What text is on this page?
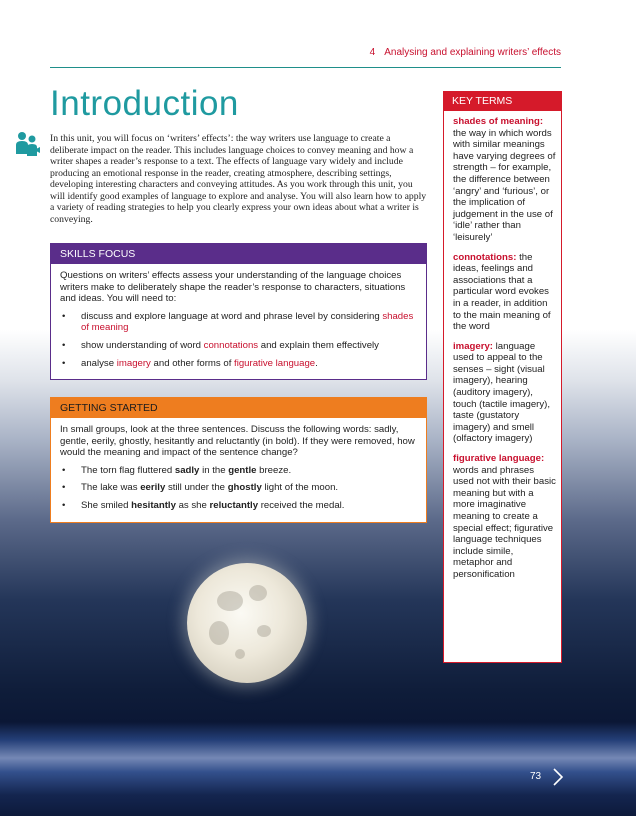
4 Analysing and explaining writers’ effects
Introduction

In this unit, you will focus on ‘writers’ effects’: the way writers use language to create a deliberate impact on the reader. This includes language choices to convey meaning and how a writer shapes a reader’s response to a text. The effects of language vary widely and include producing an emotional response in the reader, creating atmosphere, describing settings, developing interesting characters and conveying attitudes. As you work through this unit, you will identify good examples of language to explore and analyse. You will also learn how to apply a variety of reading strategies to help you clearly express your own ideas about what a writer is conveying.

SKILLS FOCUS

Questions on writers’ effects assess your understanding of the language choices writers make to deliberately shape the reader’s response to characters, situations and ideas. You will need to:

• discuss and explore language at word and phrase level by considering shades of meaning
• show understanding of word connotations and explain them effectively
• analyse imagery and other forms of figurative language.
GETTING STARTED

In small groups, look at the three sentences. Discuss the following words: sadly, gentle, eerily, ghostly, hesitantly and reluctantly (in bold). If they were removed, how would the meaning and impact of the sentence change?

• The torn flag fluttered sadly in the gentle breeze.
• The lake was eerily still under the ghostly light of the moon.
• She smiled hesitantly as she reluctantly received the medal.
KEY TERMS
shades of meaning: the way in which words with similar meanings have varying degrees of strength – for example, the difference between ‘angry’ and ‘furious’, or the implication of judgement in the use of ‘idle’ rather than ‘leisurely’
connotations: the ideas, feelings and associations that a particular word evokes in a reader, in addition to the main meaning of the word
imagery: language used to appeal to the senses – sight (visual imagery), hearing (auditory imagery), touch (tactile imagery), taste (gustatory imagery) and smell (olfactory imagery)
figurative language: words and phrases used not with their basic meaning but with a more imaginative meaning to create a special effect; figurative language techniques include simile, metaphor and personification
73
